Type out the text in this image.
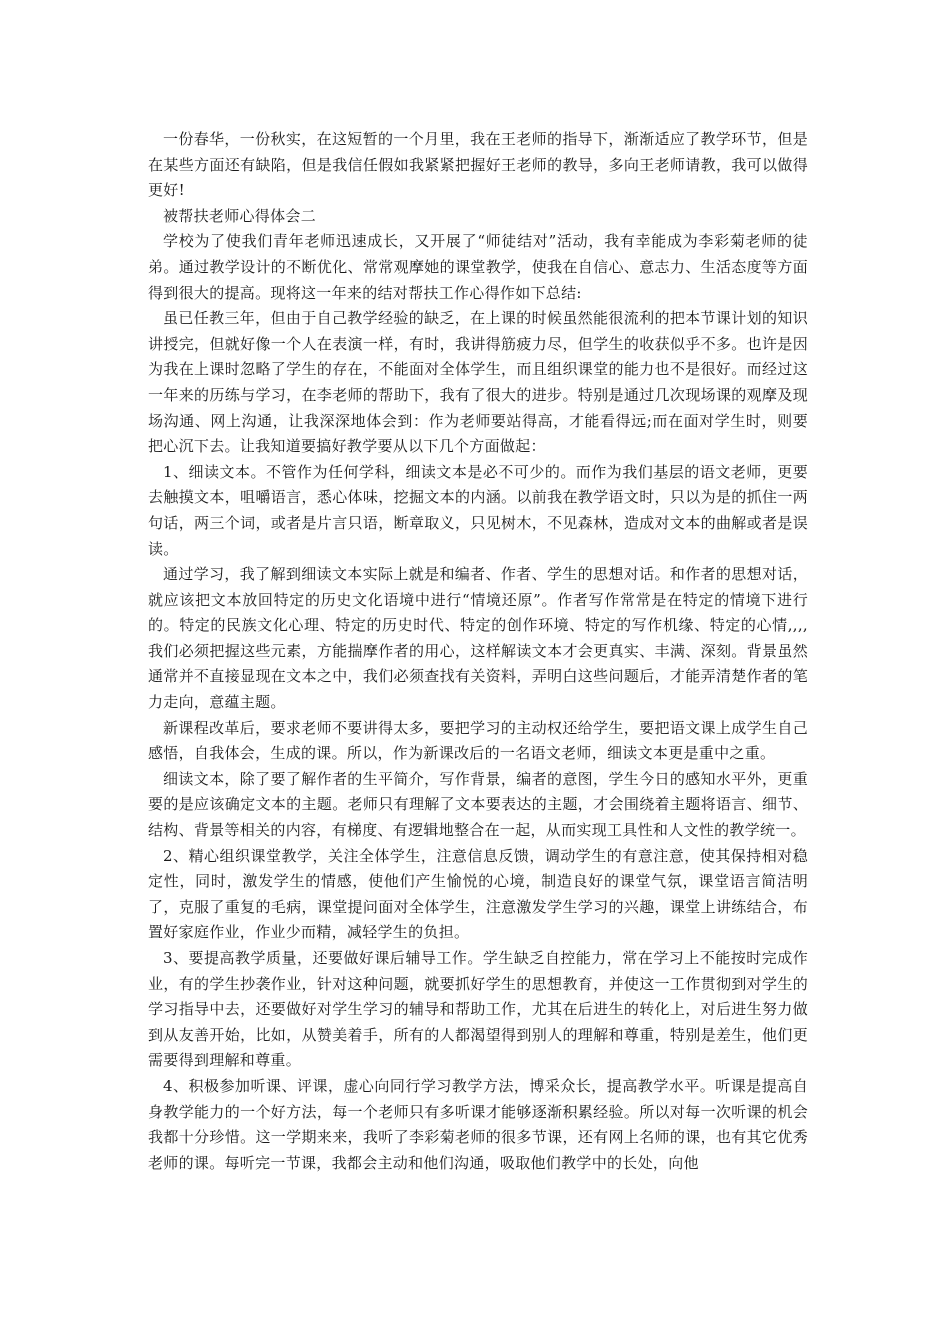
一份春华，一份秋实，在这短暂的一个月里，我在王老师的指导下，渐渐适应了教学环节，但是在某些方面还有缺陷，但是我信任假如我紧紧把握好王老师的教导，多向王老师请教，我可以做得更好!

被帮扶老师心得体会二

学校为了使我们青年老师迅速成长，又开展了“师徒结对”活动，我有幸能成为李彩菊老师的徒弟。通过教学设计的不断优化、常常观摩她的课堂教学，使我在自信心、意志力、生活态度等方面得到很大的提高。现将这一年来的结对帮扶工作心得作如下总结:

虽已任教三年，但由于自己教学经验的缺乏，在上课的时候虽然能很流利的把本节课计划的知识讲授完，但就好像一个人在表演一样，有时，我讲得筋疲力尽，但学生的收获似乎不多。也许是因为我在上课时忽略了学生的存在，不能面对全体学生，而且组织课堂的能力也不是很好。而经过这一年来的历练与学习，在李老师的帮助下，我有了很大的进步。特别是通过几次现场课的观摩及现场沟通、网上沟通，让我深深地体会到：作为老师要站得高，才能看得远;而在面对学生时，则要把心沉下去。让我知道要搞好教学要从以下几个方面做起：

1、细读文本。不管作为任何学科，细读文本是必不可少的。而作为我们基层的语文老师，更要去触摸文本，咀嚼语言，悉心体味，挖掘文本的内涵。以前我在教学语文时，只以为是的抓住一两句话，两三个词，或者是片言只语，断章取义，只见树木，不见森林，造成对文本的曲解或者是误读。

通过学习，我了解到细读文本实际上就是和编者、作者、学生的思想对话。和作者的思想对话，就应该把文本放回特定的历史文化语境中进行“情境还原”。作者写作常常是在特定的情境下进行的。特定的民族文化心理、特定的历史时代、特定的创作环境、特定的写作机缘、特定的心情,,,,我们必须把握这些元素，方能揣摩作者的用心，这样解读文本才会更真实、丰满、深刻。背景虽然通常并不直接显现在文本之中，我们必须查找有关资料，弄明白这些问题后，才能弄清楚作者的笔力走向，意蕴主题。

新课程改革后，要求老师不要讲得太多，要把学习的主动权还给学生，要把语文课上成学生自己感悟，自我体会，生成的课。所以，作为新课改后的一名语文老师，细读文本更是重中之重。

细读文本，除了要了解作者的生平简介，写作背景，编者的意图，学生今日的感知水平外，更重要的是应该确定文本的主题。老师只有理解了文本要表达的主题，才会围绕着主题将语言、细节、结构、背景等相关的内容，有梯度、有逻辑地整合在一起，从而实现工具性和人文性的教学统一。

2、精心组织课堂教学，关注全体学生，注意信息反馈，调动学生的有意注意，使其保持相对稳定性，同时，激发学生的情感，使他们产生愉悦的心境，制造良好的课堂气氛，课堂语言简洁明了，克服了重复的毛病，课堂提问面对全体学生，注意激发学生学习的兴趣，课堂上讲练结合，布置好家庭作业，作业少而精，减轻学生的负担。

3、要提高教学质量，还要做好课后辅导工作。学生缺乏自控能力，常在学习上不能按时完成作业，有的学生抄袭作业，针对这种问题，就要抓好学生的思想教育，并使这一工作贯彻到对学生的学习指导中去，还要做好对学生学习的辅导和帮助工作，尤其在后进生的转化上，对后进生努力做到从友善开始，比如，从赞美着手，所有的人都渴望得到别人的理解和尊重，特别是差生，他们更需要得到理解和尊重。

4、积极参加听课、评课，虚心向同行学习教学方法，博采众长，提高教学水平。听课是提高自身教学能力的一个好方法，每一个老师只有多听课才能够逐渐积累经验。所以对每一次听课的机会我都十分珍惜。这一学期来来，我听了李彩菊老师的很多节课，还有网上名师的课，也有其它优秀老师的课。每听完一节课，我都会主动和他们沟通，吸取他们教学中的长处，向他
